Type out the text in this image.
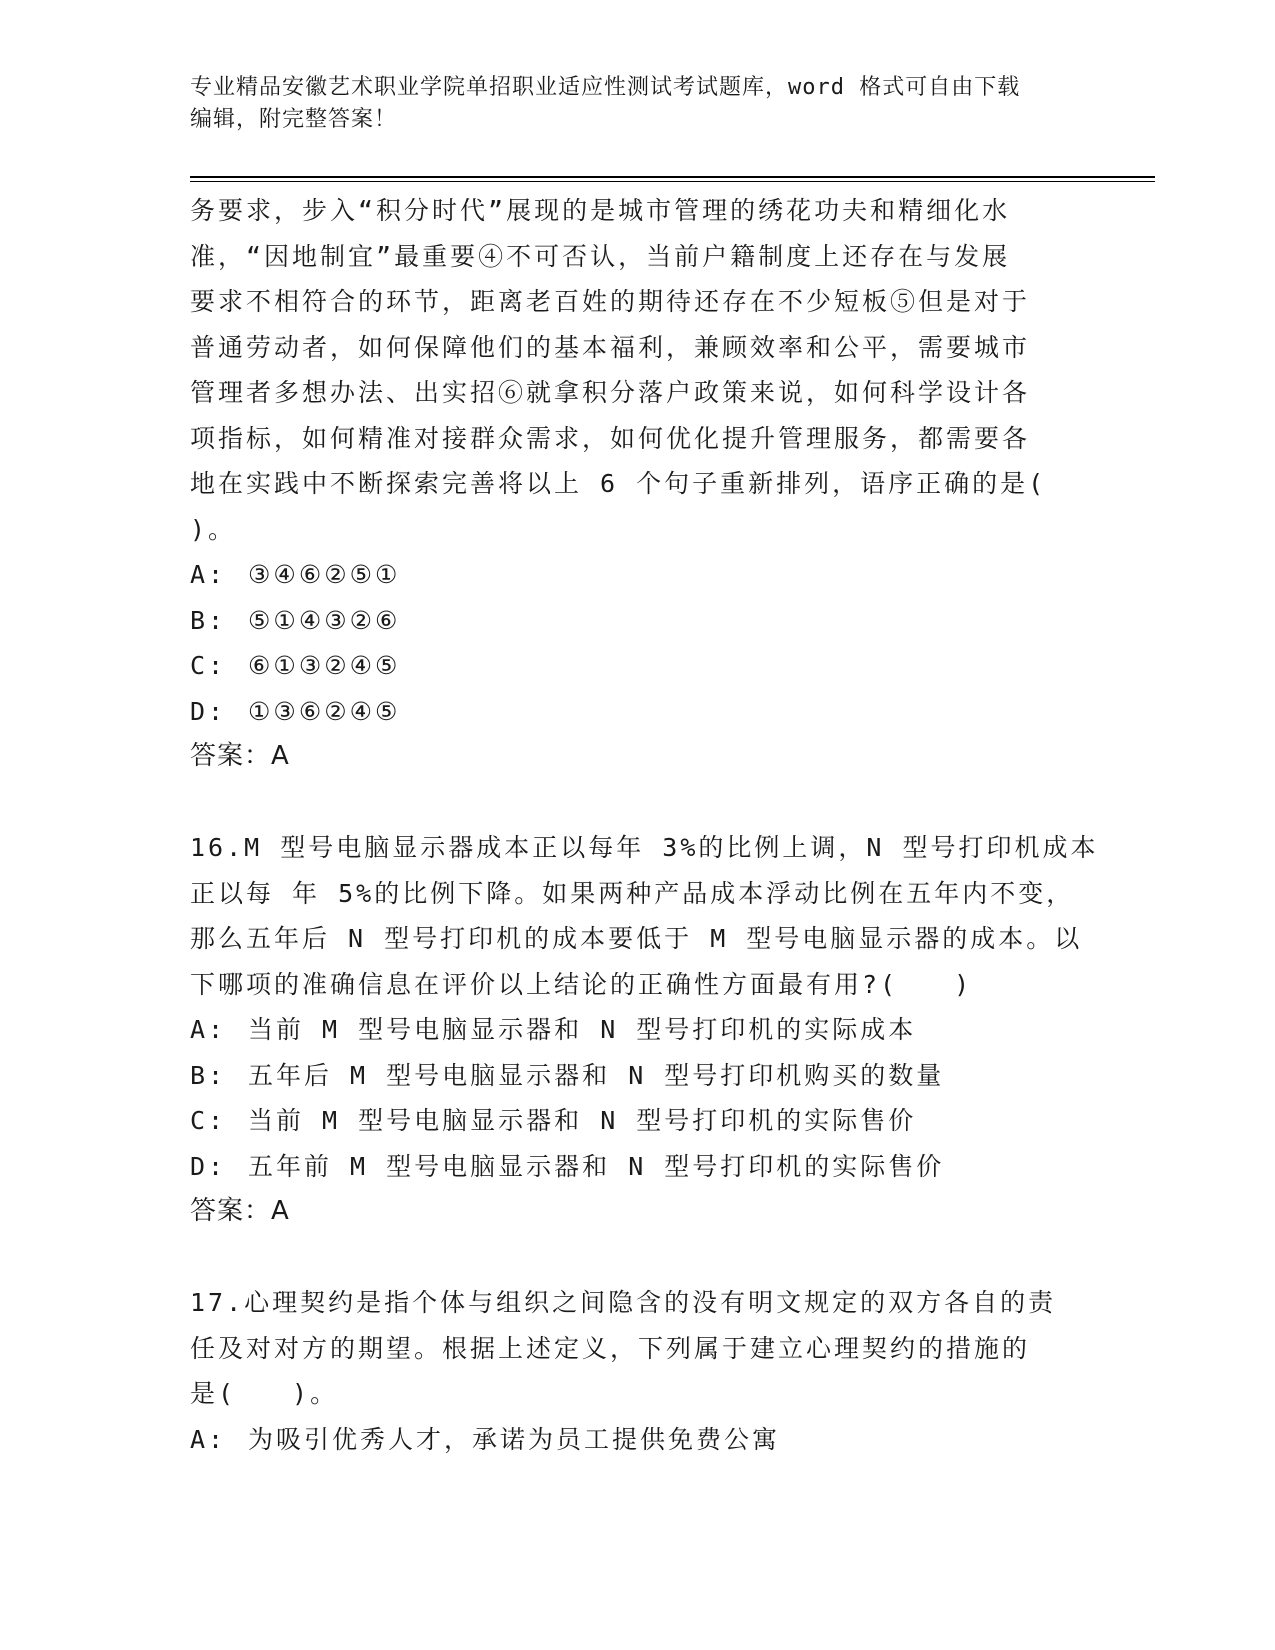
专业精品安徽艺术职业学院单招职业适应性测试考试题库，word 格式可自由下载
编辑，附完整答案！
务要求，步入“积分时代”展现的是城市管理的绣花功夫和精细化水
准，“因地制宜”最重要④不可否认，当前户籍制度上还存在与发展
要求不相符合的环节，距离老百姓的期待还存在不少短板⑤但是对于
普通劳动者，如何保障他们的基本福利，兼顾效率和公平，需要城市
管理者多想办法、出实招⑥就拿积分落户政策来说，如何科学设计各
项指标，如何精准对接群众需求，如何优化提升管理服务，都需要各
地在实践中不断探索完善将以上 6 个句子重新排列，语序正确的是(
)。
A: ③④⑥②⑤①
B: ⑤①④③②⑥
C: ⑥①③②④⑤
D: ①③⑥②④⑤
答案：A
16.M 型号电脑显示器成本正以每年 3%的比例上调，N 型号打印机成本
正以每 年 5%的比例下降。如果两种产品成本浮动比例在五年内不变，
那么五年后 N 型号打印机的成本要低于 M 型号电脑显示器的成本。以
下哪项的准确信息在评价以上结论的正确性方面最有用?(　　)
A: 当前 M 型号电脑显示器和 N 型号打印机的实际成本
B: 五年后 M 型号电脑显示器和 N 型号打印机购买的数量
C: 当前 M 型号电脑显示器和 N 型号打印机的实际售价
D: 五年前 M 型号电脑显示器和 N 型号打印机的实际售价
答案：A
17.心理契约是指个体与组织之间隐含的没有明文规定的双方各自的责
任及对对方的期望。根据上述定义，下列属于建立心理契约的措施的
是(　　)。
A: 为吸引优秀人才，承诺为员工提供免费公寓
